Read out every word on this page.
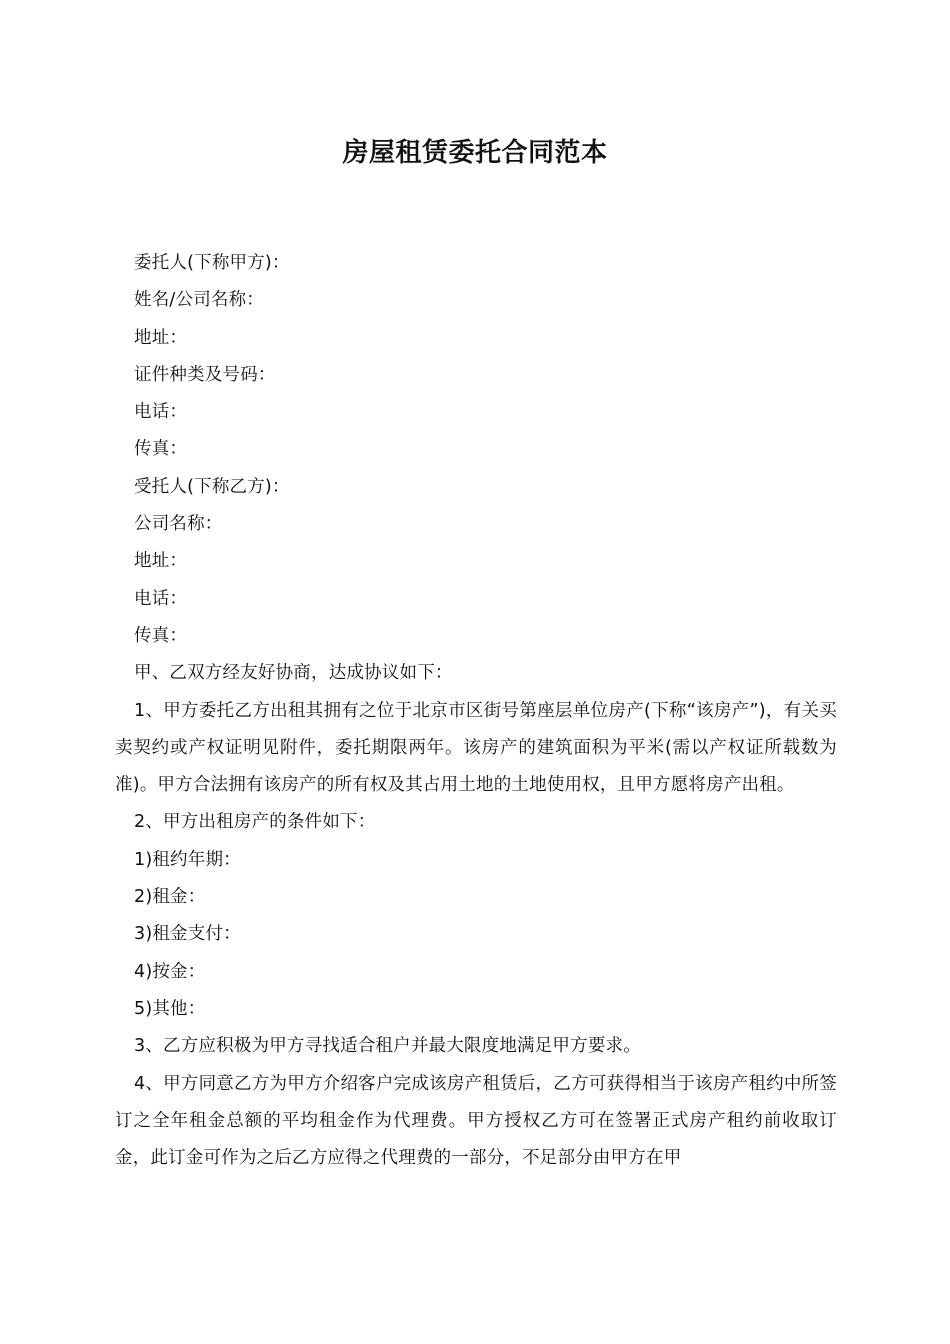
房屋租赁委托合同范本
委托人(下称甲方)：
姓名/公司名称：
地址：
证件种类及号码：
电话：
传真：
受托人(下称乙方)：
公司名称：
地址：
电话：
传真：
甲、乙双方经友好协商，达成协议如下：
1、甲方委托乙方出租其拥有之位于北京市区街号第座层单位房产(下称“该房产”)，有关买卖契约或产权证明见附件，委托期限两年。该房产的建筑面积为平米(需以产权证所载数为准)。甲方合法拥有该房产的所有权及其占用土地的土地使用权，且甲方愿将房产出租。
2、甲方出租房产的条件如下：
1)租约年期：
2)租金：
3)租金支付：
4)按金：
5)其他：
3、乙方应积极为甲方寻找适合租户并最大限度地满足甲方要求。
4、甲方同意乙方为甲方介绍客户完成该房产租赁后，乙方可获得相当于该房产租约中所签订之全年租金总额的平均租金作为代理费。甲方授权乙方可在签署正式房产租约前收取订金，此订金可作为之后乙方应得之代理费的一部分，不足部分由甲方在甲
